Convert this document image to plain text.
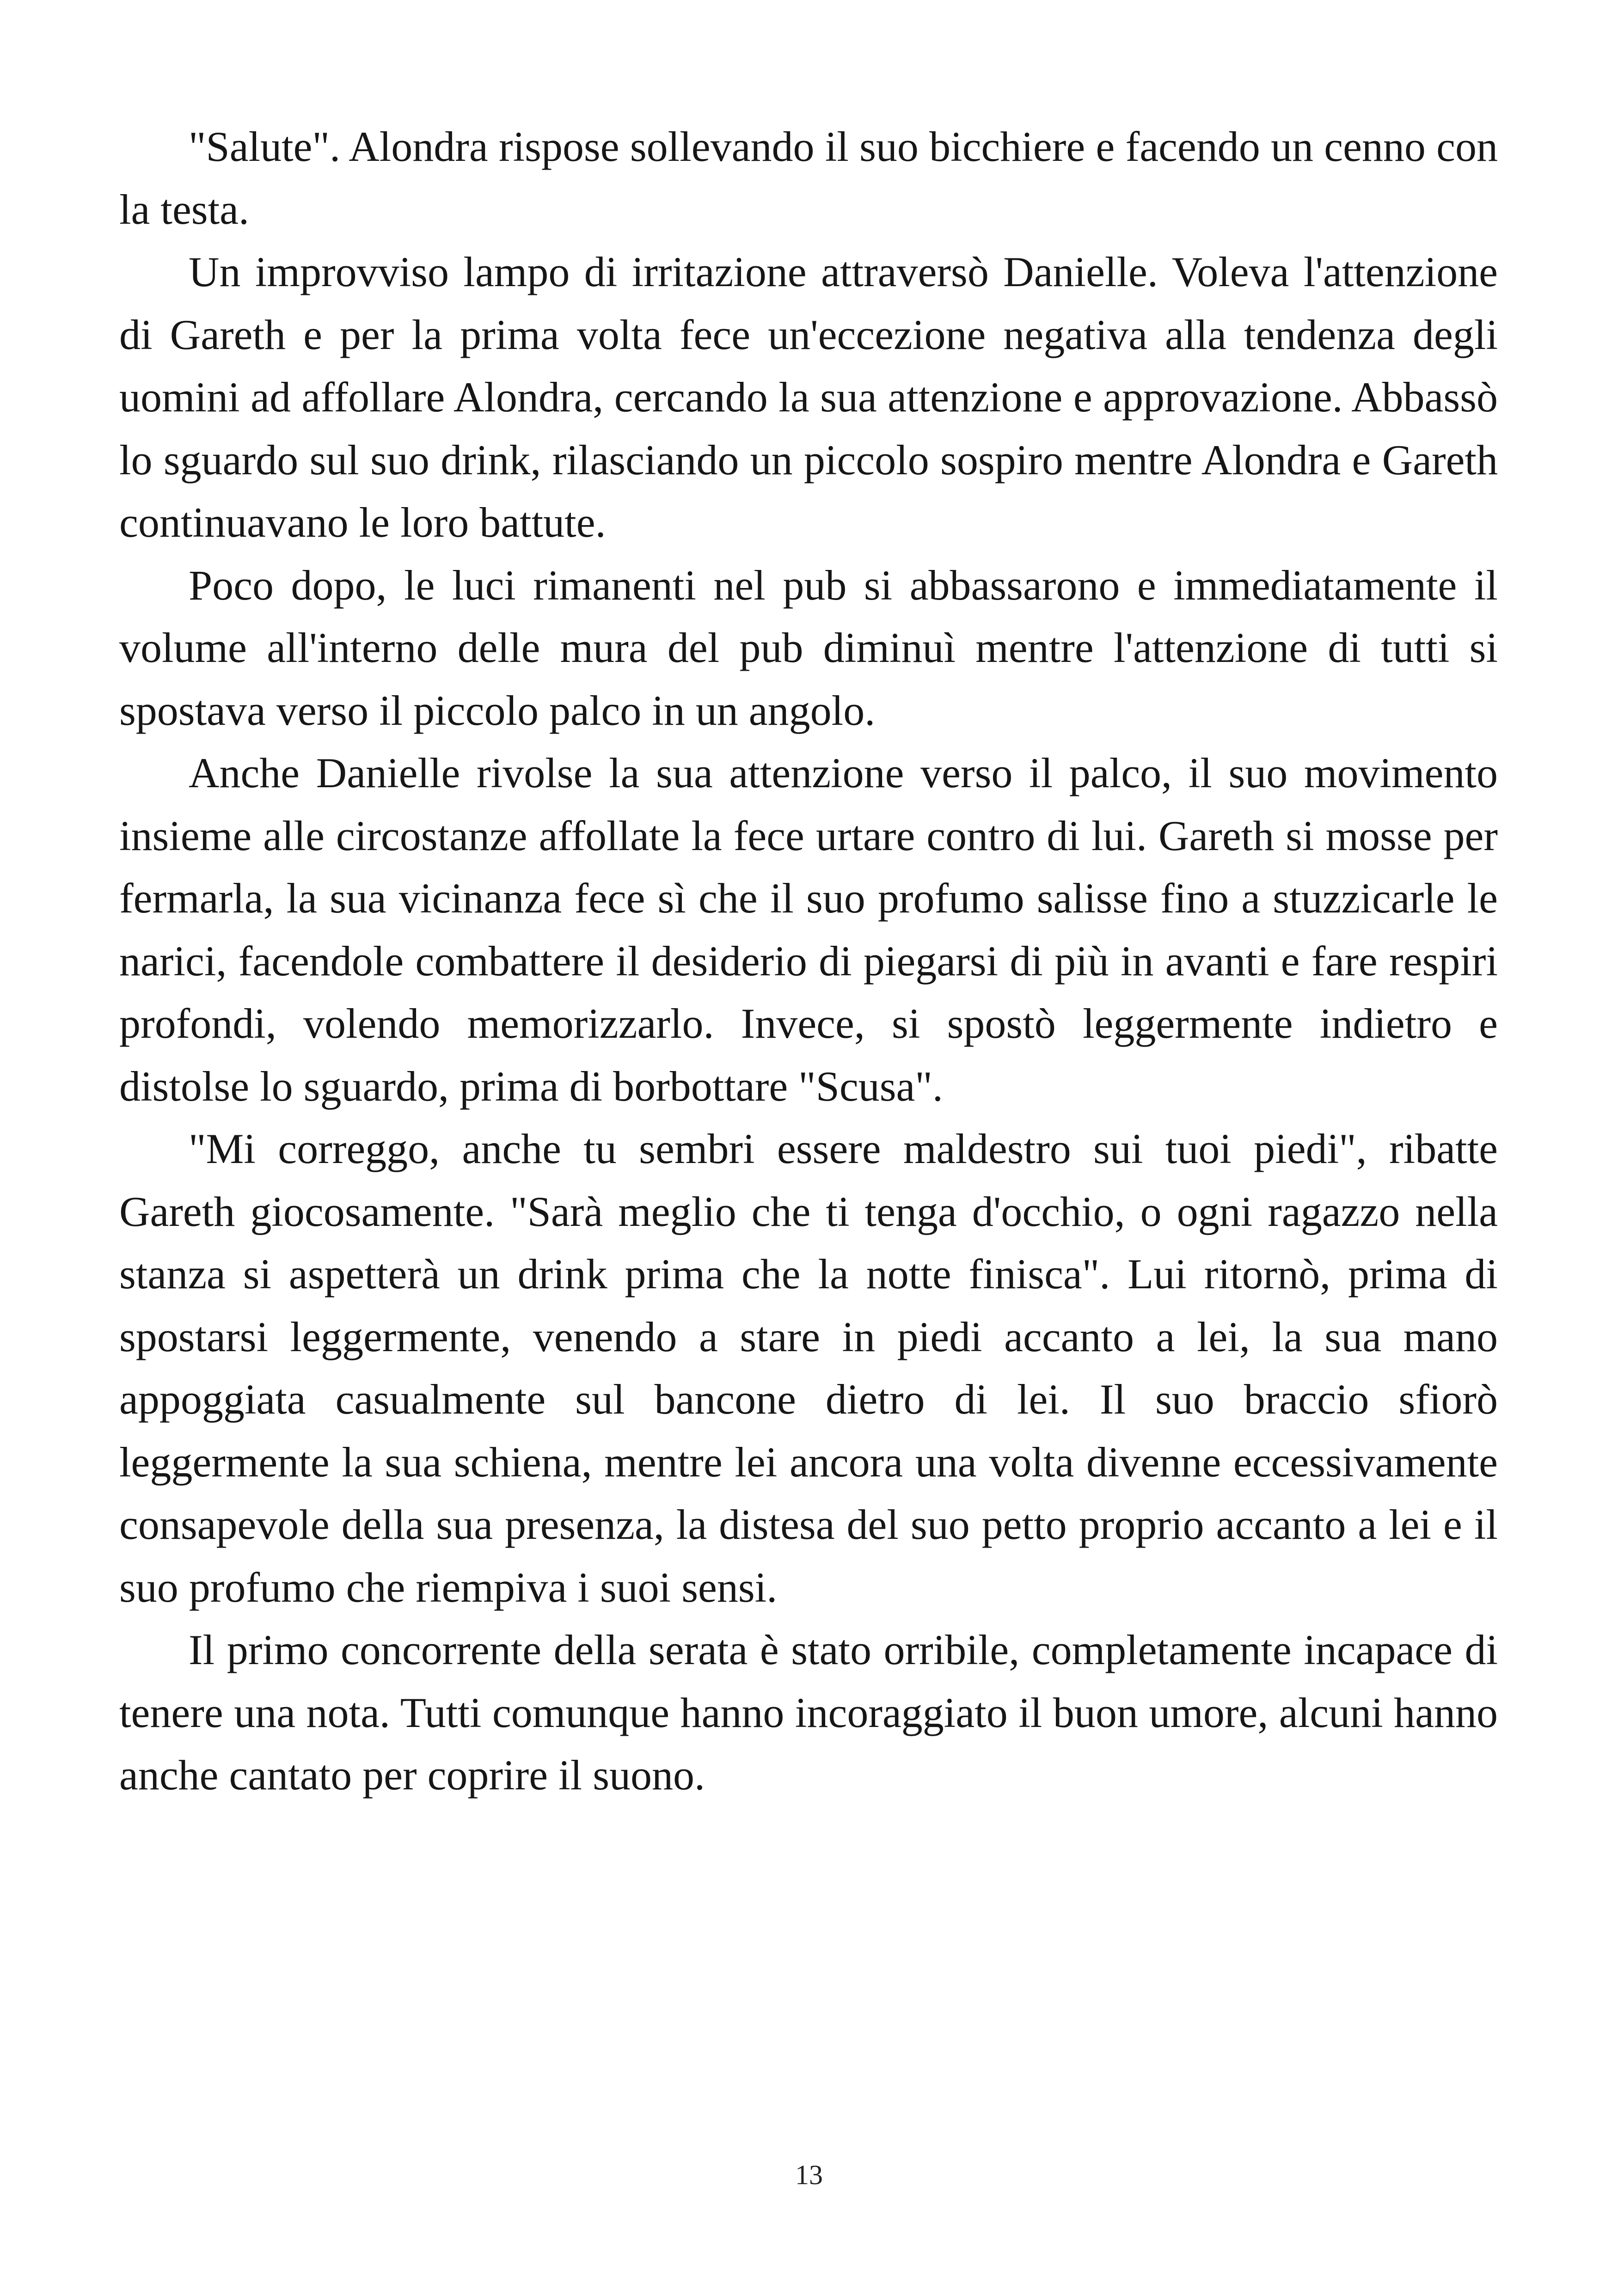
"Salute". Alondra rispose sollevando il suo bicchiere e facendo un cenno con la testa.

Un improvviso lampo di irritazione attraversò Danielle. Voleva l'attenzione di Gareth e per la prima volta fece un'eccezione negativa alla tendenza degli uomini ad affollare Alondra, cercando la sua attenzione e approvazione. Abbassò lo sguardo sul suo drink, rilasciando un piccolo sospiro mentre Alondra e Gareth continuavano le loro battute.

Poco dopo, le luci rimanenti nel pub si abbassarono e immediatamente il volume all'interno delle mura del pub diminuì mentre l'attenzione di tutti si spostava verso il piccolo palco in un angolo.

Anche Danielle rivolse la sua attenzione verso il palco, il suo movimento insieme alle circostanze affollate la fece urtare contro di lui. Gareth si mosse per fermarla, la sua vicinanza fece sì che il suo profumo salisse fino a stuzzicarle le narici, facendole combattere il desiderio di piegarsi di più in avanti e fare respiri profondi, volendo memorizzarlo. Invece, si spostò leggermente indietro e distolse lo sguardo, prima di borbottare "Scusa".

"Mi correggo, anche tu sembri essere maldestro sui tuoi piedi", ribatte Gareth giocosamente. "Sarà meglio che ti tenga d'occhio, o ogni ragazzo nella stanza si aspetterà un drink prima che la notte finisca". Lui ritornò, prima di spostarsi leggermente, venendo a stare in piedi accanto a lei, la sua mano appoggiata casualmente sul bancone dietro di lei. Il suo braccio sfiorò leggermente la sua schiena, mentre lei ancora una volta divenne eccessivamente consapevole della sua presenza, la distesa del suo petto proprio accanto a lei e il suo profumo che riempiva i suoi sensi.

Il primo concorrente della serata è stato orribile, completamente incapace di tenere una nota. Tutti comunque hanno incoraggiato il buon umore, alcuni hanno anche cantato per coprire il suono.

13
